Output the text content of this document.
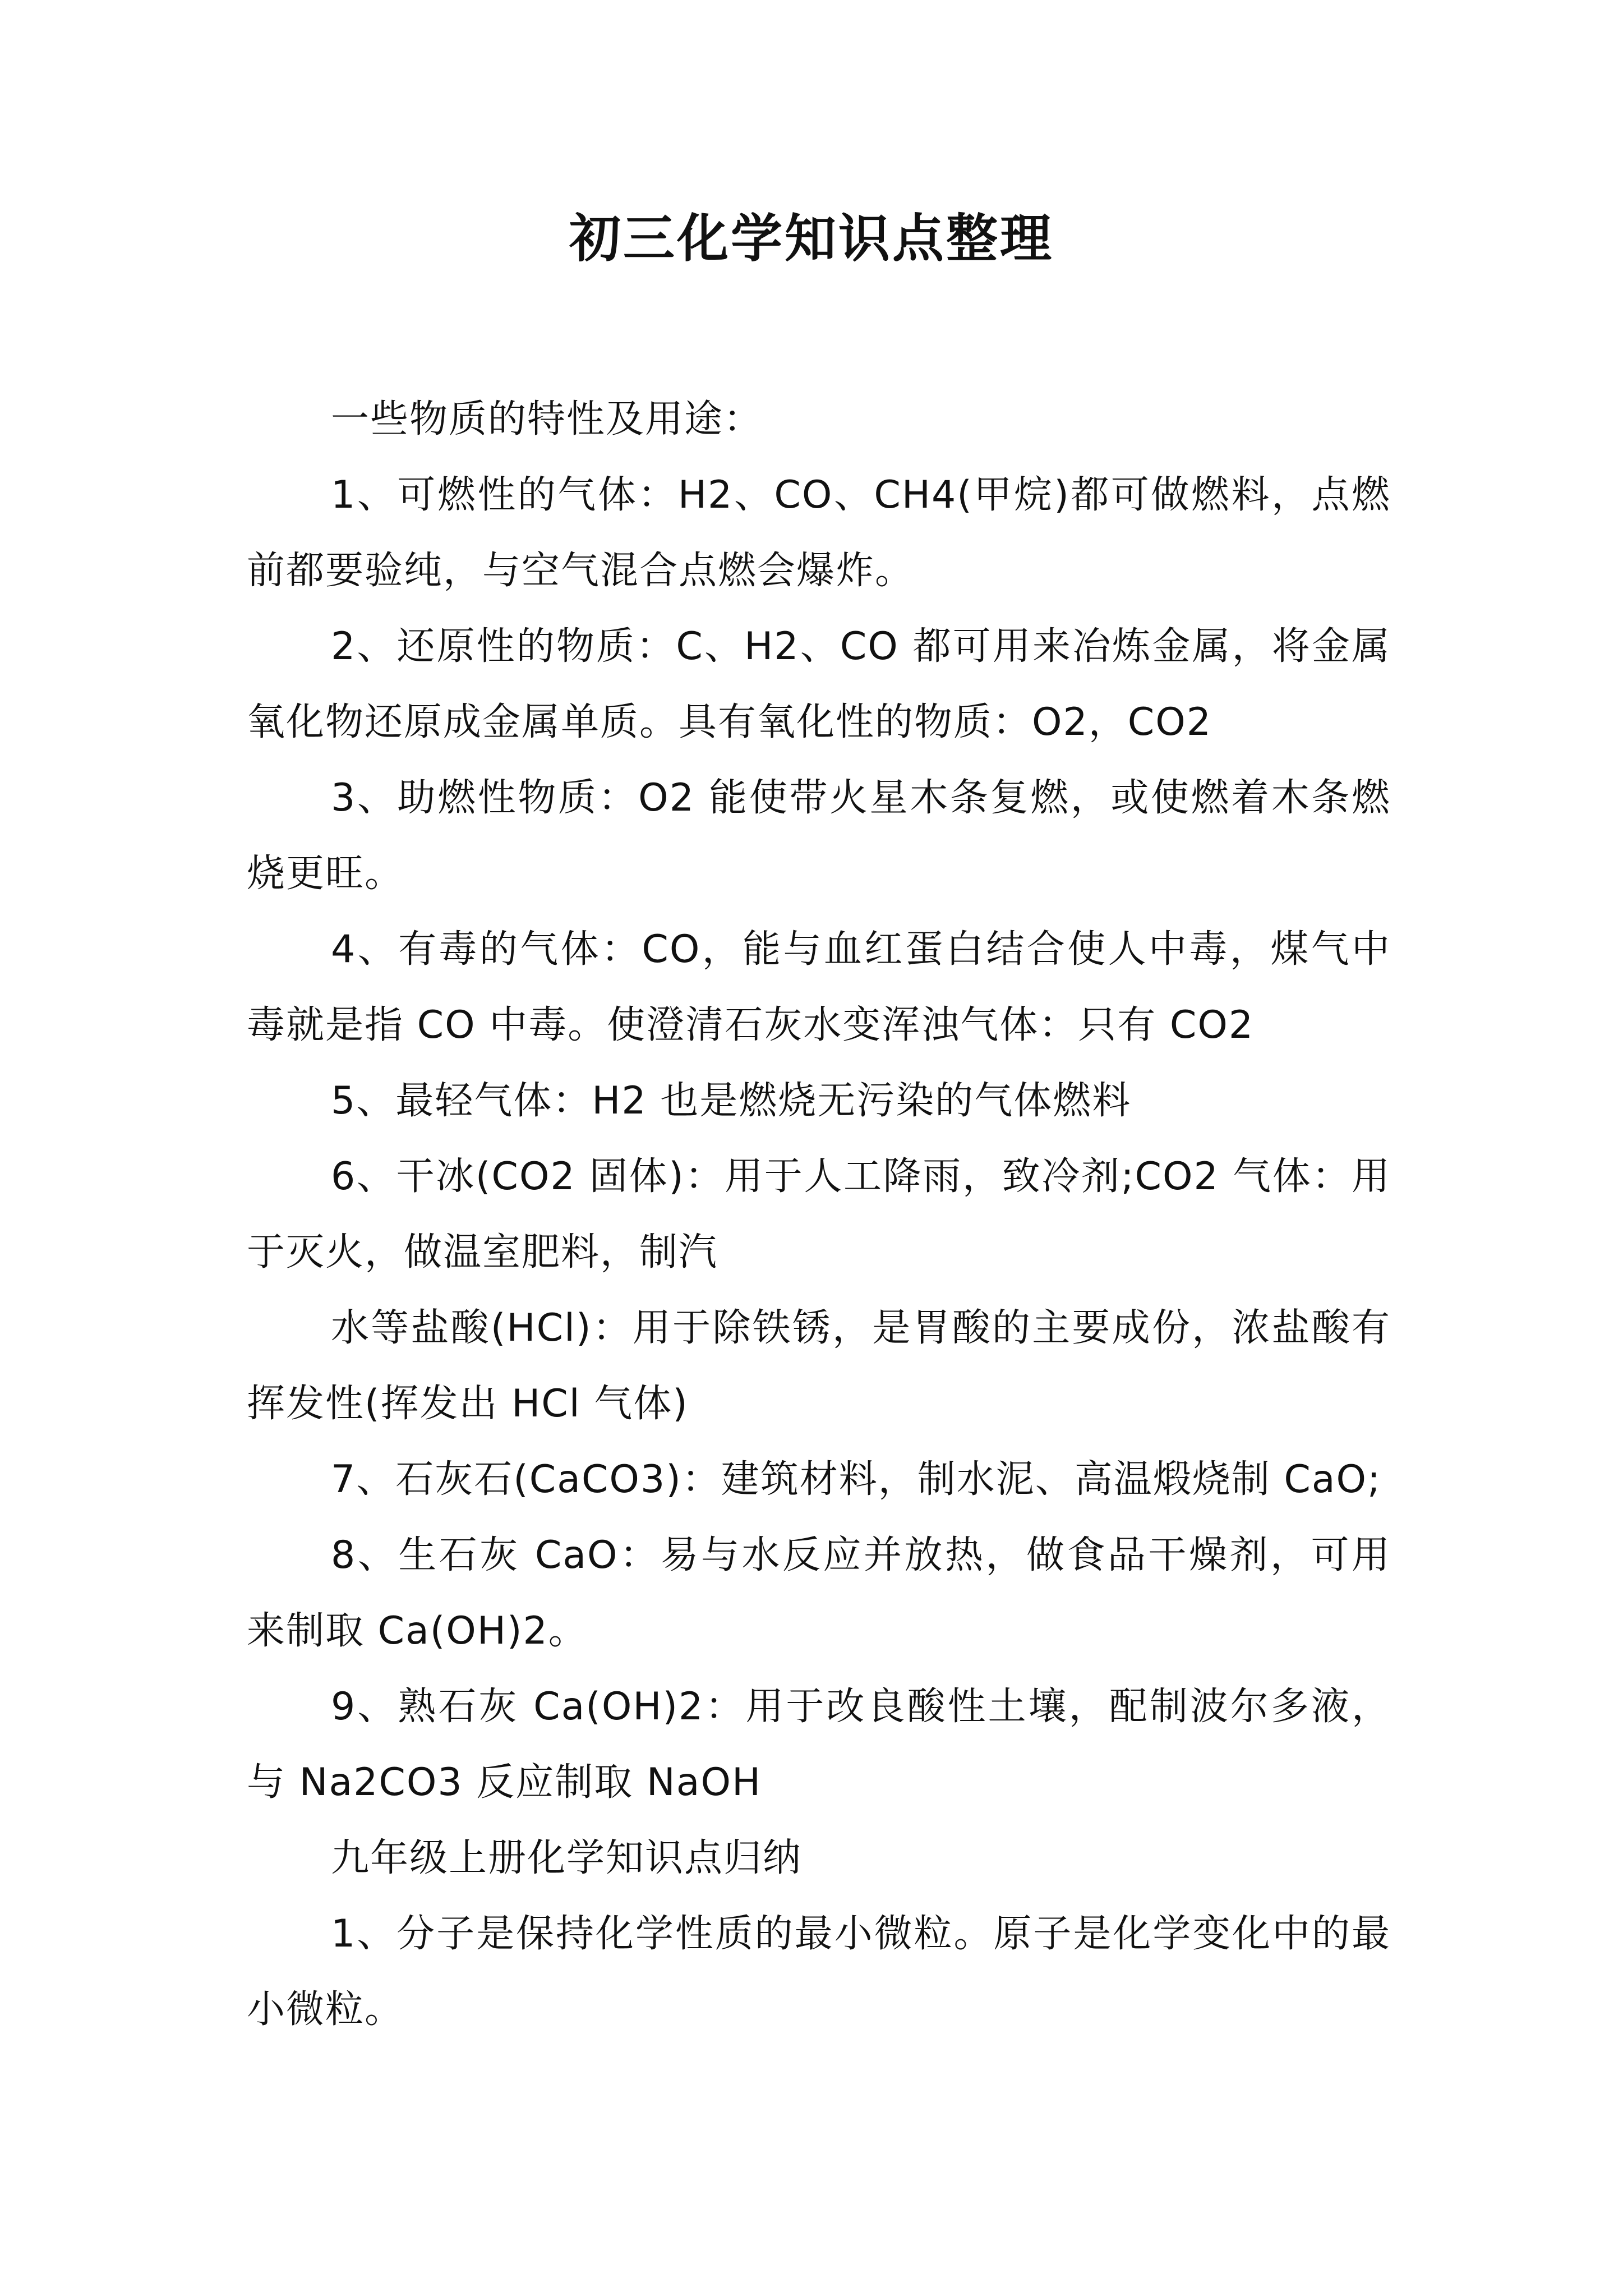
初三化学知识点整理

一些物质的特性及用途：

1、可燃性的气体：H2、CO、CH4(甲烷)都可做燃料，点燃前都要验纯，与空气混合点燃会爆炸。

2、还原性的物质：C、H2、CO 都可用来冶炼金属，将金属氧化物还原成金属单质。具有氧化性的物质：O2，CO2

3、助燃性物质：O2 能使带火星木条复燃，或使燃着木条燃烧更旺。

4、有毒的气体：CO，能与血红蛋白结合使人中毒，煤气中毒就是指 CO 中毒。使澄清石灰水变浑浊气体：只有 CO2

5、最轻气体：H2 也是燃烧无污染的气体燃料

6、干冰(CO2 固体)：用于人工降雨，致冷剂;CO2 气体：用于灭火，做温室肥料，制汽

水等盐酸(HCl)：用于除铁锈，是胃酸的主要成份，浓盐酸有挥发性(挥发出 HCl 气体)

7、石灰石(CaCO3)：建筑材料，制水泥、高温煅烧制 CaO;

8、生石灰 CaO：易与水反应并放热，做食品干燥剂，可用来制取 Ca(OH)2。

9、熟石灰 Ca(OH)2：用于改良酸性土壤，配制波尔多液，与 Na2CO3 反应制取 NaOH

九年级上册化学知识点归纳

1、分子是保持化学性质的最小微粒。原子是化学变化中的最小微粒。
